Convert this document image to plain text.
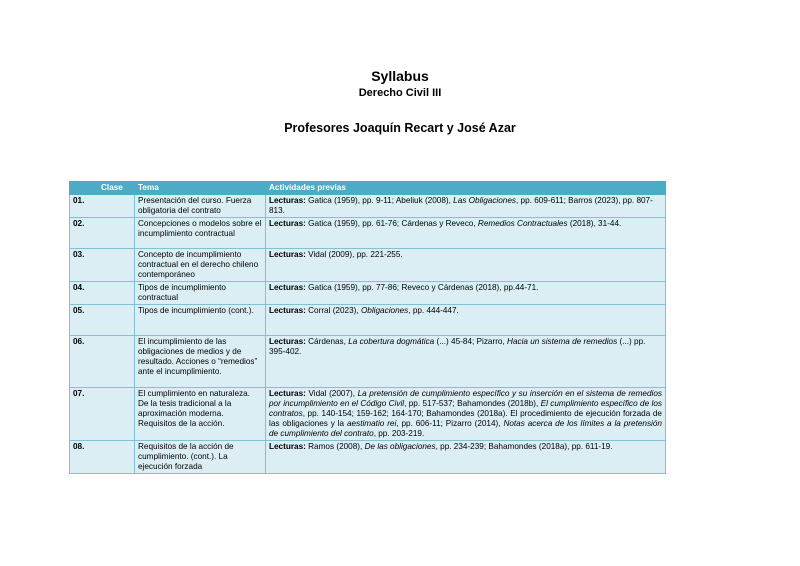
Syllabus
Derecho Civil III
Profesores Joaquín Recart y José Azar
Clase	Tema	Actividades previas
01.	Presentación del curso. Fuerza obligatoria del contrato	Lecturas: Gatica (1959), pp. 9-11; Abeliuk (2008), Las Obligaciones, pp. 609-611; Barros (2023), pp. 807-813.
02.	Concepciones o modelos sobre el incumplimiento contractual	Lecturas: Gatica (1959), pp. 61-76; Cárdenas y Reveco, Remedios Contractuales (2018), 31-44.
03.	Concepto de incumplimiento contractual en el derecho chileno contemporáneo	Lecturas: Vidal (2009), pp. 221-255.
04.	Tipos de incumplimiento contractual	Lecturas: Gatica (1959), pp. 77-86; Reveco y Cárdenas (2018), pp.44-71.
05.	Tipos de incumplimiento (cont.).	Lecturas: Corral (2023), Obligaciones, pp. 444-447.
06.	El incumplimiento de las obligaciones de medios y de resultado. Acciones o “remedios” ante el incumplimiento.	Lecturas: Cárdenas, La cobertura dogmática (...) 45-84; Pizarro, Hacia un sistema de remedios (...) pp. 395-402.
07.	El cumplimiento en naturaleza. De la tesis tradicional a la aproximación moderna. Requisitos de la acción.	Lecturas: Vidal (2007), La pretensión de cumplimiento específico y su inserción en el sistema de remedios por incumplimiento en el Código Civil, pp. 517-537; Bahamondes (2018b), El cumplimiento específico de los contratos, pp. 140-154; 159-162; 164-170; Bahamondes (2018a). El procedimiento de ejecución forzada de las obligaciones y la aestimatio rei, pp. 606-11; Pizarro (2014), Notas acerca de los límites a la pretensión de cumplimiento del contrato, pp. 203-219.
08.	Requisitos de la acción de cumplimiento. (cont.). La ejecución forzada	Lecturas: Ramos (2008), De las obligaciones, pp. 234-239; Bahamondes (2018a), pp. 611-19.
